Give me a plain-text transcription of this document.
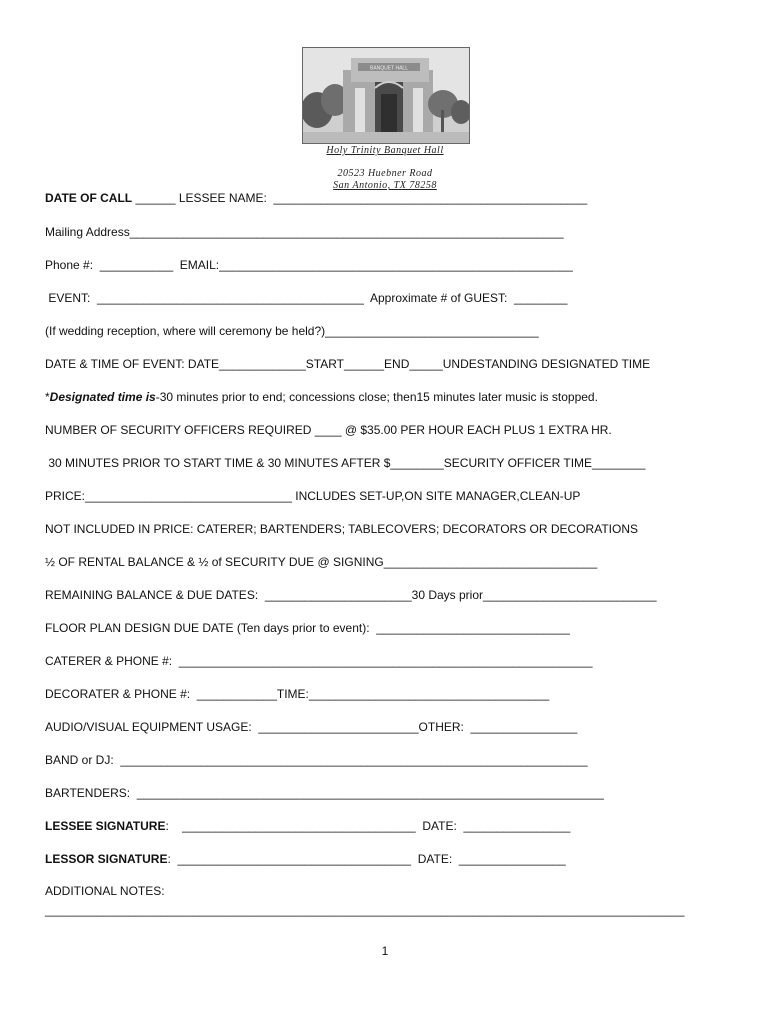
BANQUET HALL
Holy Trinity Banquet Hall
20523 Huebner Road
San Antonio, TX 78258
DATE OF CALL ______ LESSEE NAME:  _______________________________________________
Mailing Address_________________________________________________________________
Phone #:  ___________  EMAIL:_____________________________________________________
EVENT:  ________________________________________  Approximate # of GUEST:  ________
(If wedding reception, where will ceremony be held?)________________________________
DATE & TIME OF EVENT: DATE_____________START______END_____UNDESTANDING DESIGNATED TIME
*Designated time is-30 minutes prior to end; concessions close; then15 minutes later music is stopped.
NUMBER OF SECURITY OFFICERS REQUIRED ____ @ $35.00 PER HOUR EACH PLUS 1 EXTRA HR.
30 MINUTES PRIOR TO START TIME & 30 MINUTES AFTER $________SECURITY OFFICER TIME________
PRICE:_______________________________ INCLUDES SET-UP,ON SITE MANAGER,CLEAN-UP
NOT INCLUDED IN PRICE: CATERER; BARTENDERS; TABLECOVERS; DECORATORS OR DECORATIONS
½ OF RENTAL BALANCE & ½ of SECURITY DUE @ SIGNING________________________________
REMAINING BALANCE & DUE DATES:  ______________________30 Days prior__________________________
FLOOR PLAN DESIGN DUE DATE (Ten days prior to event):  _____________________________
CATERER & PHONE #:  ______________________________________________________________
DECORATER & PHONE #:  ____________TIME:____________________________________
AUDIO/VISUAL EQUIPMENT USAGE:  ________________________OTHER:  ________________
BAND or DJ:  ______________________________________________________________________
BARTENDERS:  ______________________________________________________________________
LESSEE SIGNATURE:    ___________________________________  DATE:  ________________
LESSOR SIGNATURE:  ___________________________________  DATE:  ________________
ADDITIONAL NOTES:
____________________________________________________________________________________________________
1
